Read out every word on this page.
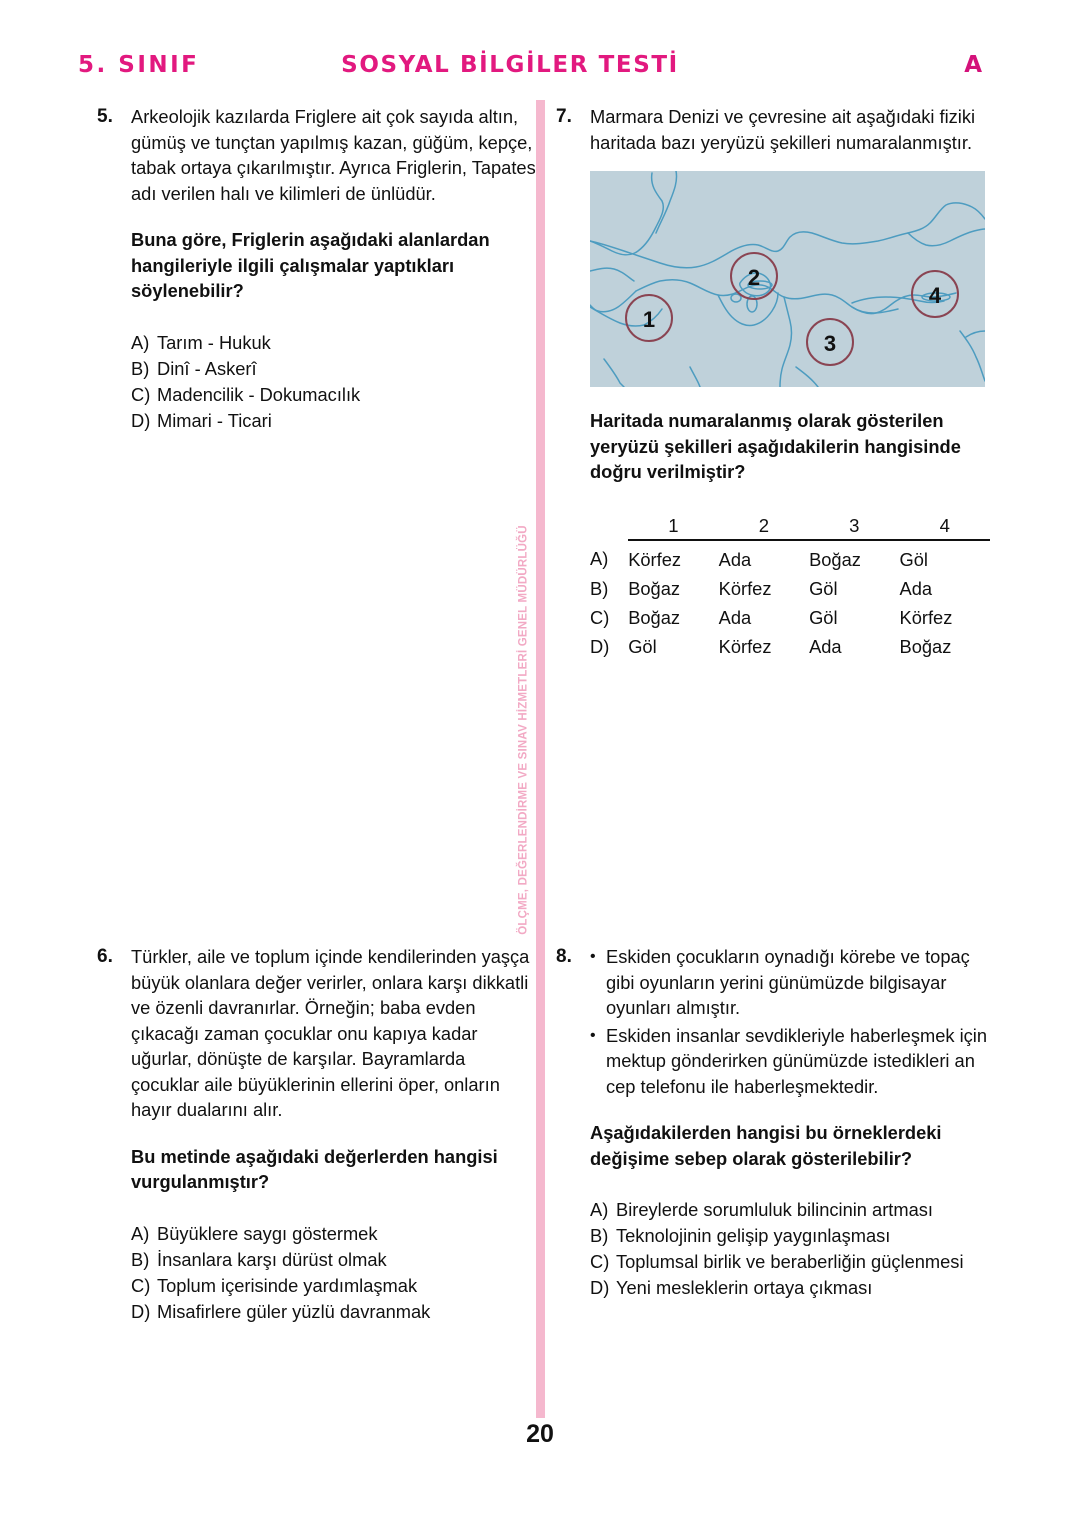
5. SINIF	SOSYAL BİLGİLER TESTİ	A
ÖLÇME, DEĞERLENDİRME VE SINAV HİZMETLERİ GENEL MÜDÜRLÜĞÜ
5. Arkeolojik kazılarda Friglere ait çok sayıda altın, gümüş ve tunçtan yapılmış kazan, güğüm, kepçe, tabak ortaya çıkarılmıştır. Ayrıca Friglerin, Tapates adı verilen halı ve kilimleri de ünlüdür.
Buna göre, Friglerin aşağıdaki alanlardan hangileriyle ilgili çalışmalar yaptıkları söylenebilir?
A) Tarım - Hukuk
B) Dinî - Askerî
C) Madencilik - Dokumacılık
D) Mimari - Ticari
6. Türkler, aile ve toplum içinde kendilerinden yaşça büyük olanlara değer verirler, onlara karşı dikkatli ve özenli davranırlar. Örneğin; baba evden çıkacağı zaman çocuklar onu kapıya kadar uğurlar, dönüşte de karşılar. Bayramlarda çocuklar aile büyüklerinin ellerini öper, onların hayır dualarını alır.
Bu metinde aşağıdaki değerlerden hangisi vurgulanmıştır?
A) Büyüklere saygı göstermek
B) İnsanlara karşı dürüst olmak
C) Toplum içerisinde yardımlaşmak
D) Misafirlere güler yüzlü davranmak
7. Marmara Denizi ve çevresine ait aşağıdaki fiziki haritada bazı yeryüzü şekilleri numaralanmıştır.
1
2
3
4
Haritada numaralanmış olarak gösterilen yeryüzü şekilleri aşağıdakilerin hangisinde doğru verilmiştir?
	1	2	3	4
A)	Körfez	Ada	Boğaz	Göl
B)	Boğaz	Körfez	Göl	Ada
C)	Boğaz	Ada	Göl	Körfez
D)	Göl	Körfez	Ada	Boğaz
8.	• Eskiden çocukların oynadığı körebe ve topaç gibi oyunların yerini günümüzde bilgisayar oyunları almıştır.
• Eskiden insanlar sevdikleriyle haberleşmek için mektup gönderirken günümüzde istedikleri an cep telefonu ile haberleşmektedir.
Aşağıdakilerden hangisi bu örneklerdeki değişime sebep olarak gösterilebilir?
A) Bireylerde sorumluluk bilincinin artması
B) Teknolojinin gelişip yaygınlaşması
C) Toplumsal birlik ve beraberliğin güçlenmesi
D) Yeni mesleklerin ortaya çıkması
20
